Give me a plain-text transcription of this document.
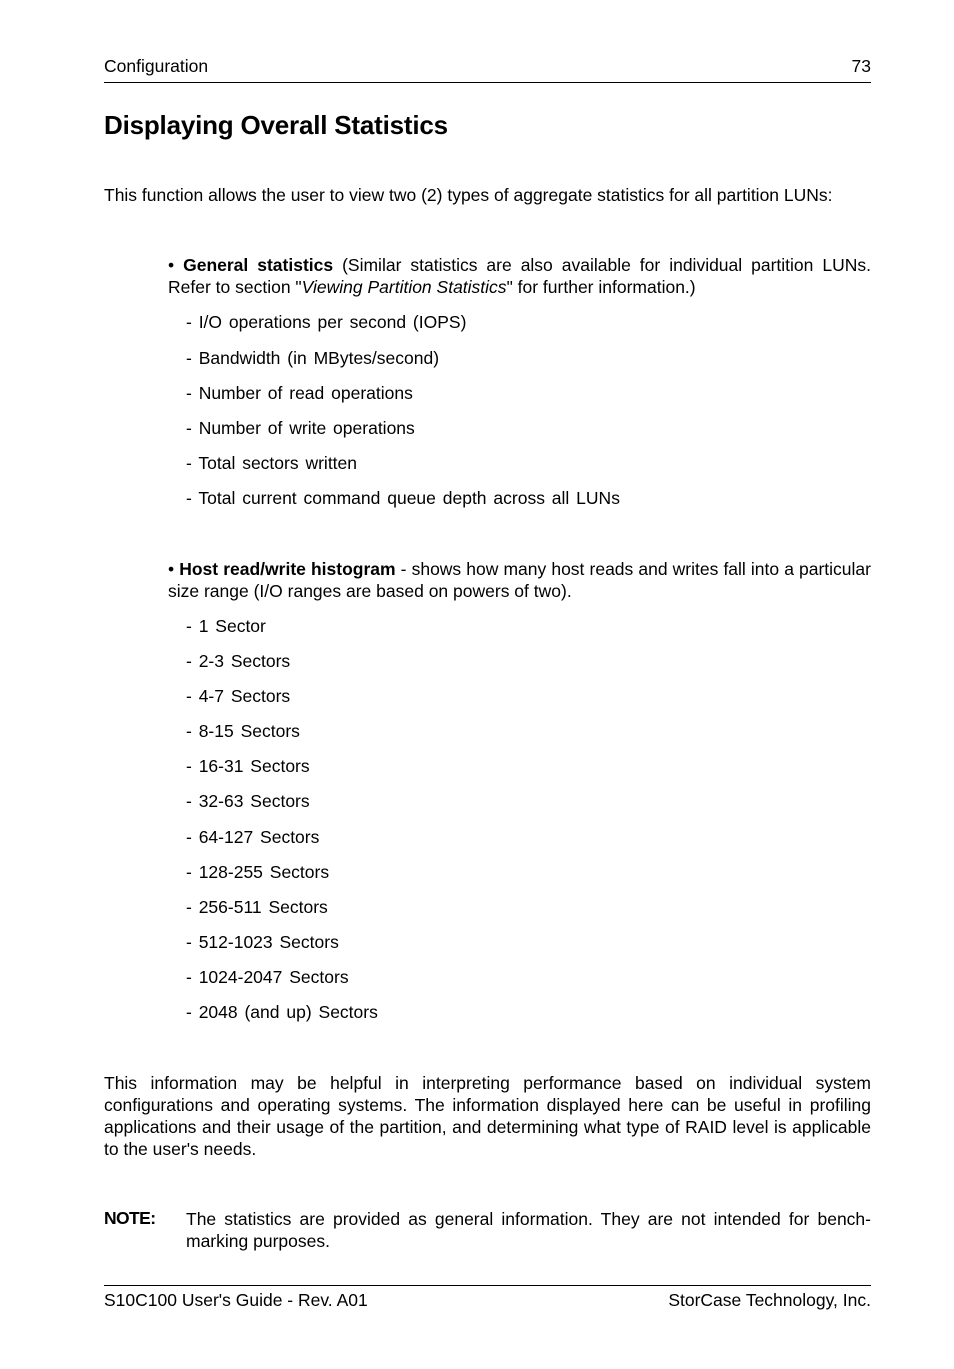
Configuration	73
Displaying Overall Statistics
This function allows the user to view two (2) types of aggregate statistics for all partition LUNs:
• General statistics (Similar statistics are also available for individual partition LUNs. Refer to section "Viewing Partition Statistics" for further information.)
- I/O operations per second (IOPS)
- Bandwidth (in MBytes/second)
- Number of read operations
- Number of write operations
- Total sectors written
- Total current command queue depth across all LUNs
• Host read/write histogram - shows how many host reads and writes fall into a particular size range (I/O ranges are based on powers of two).
- 1 Sector
- 2-3 Sectors
- 4-7 Sectors
- 8-15 Sectors
- 16-31 Sectors
- 32-63 Sectors
- 64-127 Sectors
- 128-255 Sectors
- 256-511 Sectors
- 512-1023 Sectors
- 1024-2047 Sectors
- 2048 (and up) Sectors
This information may be helpful in interpreting performance based on individual system configurations and operating systems. The information displayed here can be useful in profiling applications and their usage of the partition, and determining what type of RAID level is applicable to the user's needs.
NOTE: The statistics are provided as general information. They are not intended for bench-marking purposes.
S10C100 User's Guide - Rev. A01	StorCase Technology, Inc.
